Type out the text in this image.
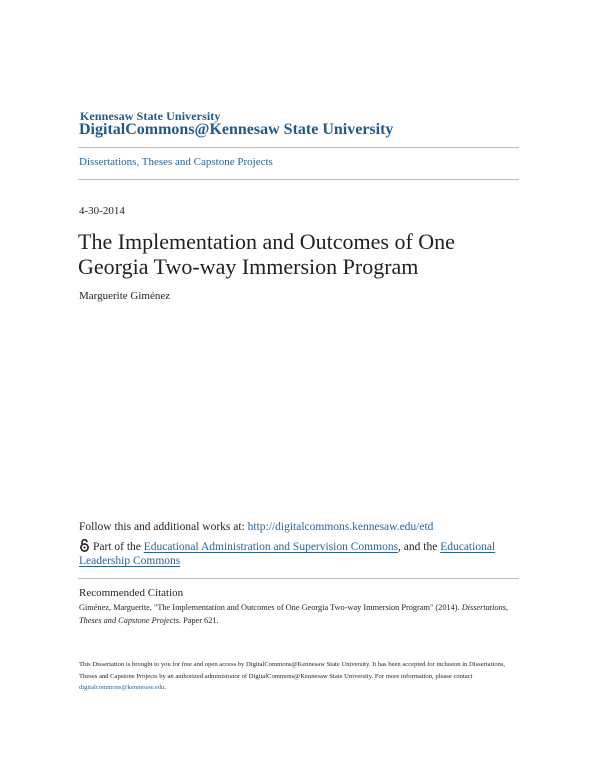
Kennesaw State University
DigitalCommons@Kennesaw State University
Dissertations, Theses and Capstone Projects
4-30-2014
The Implementation and Outcomes of One Georgia Two-way Immersion Program
Marguerite Giménez
Follow this and additional works at: http://digitalcommons.kennesaw.edu/etd
Part of the Educational Administration and Supervision Commons, and the Educational Leadership Commons
Recommended Citation
Giménez, Marguerite, "The Implementation and Outcomes of One Georgia Two-way Immersion Program" (2014). Dissertations, Theses and Capstone Projects. Paper 621.
This Dissertation is brought to you for free and open access by DigitalCommons@Kennesaw State University. It has been accepted for inclusion in Dissertations, Theses and Capstone Projects by an authorized administrator of DigitalCommons@Kennesaw State University. For more information, please contact digitalcommons@kennesaw.edu.
